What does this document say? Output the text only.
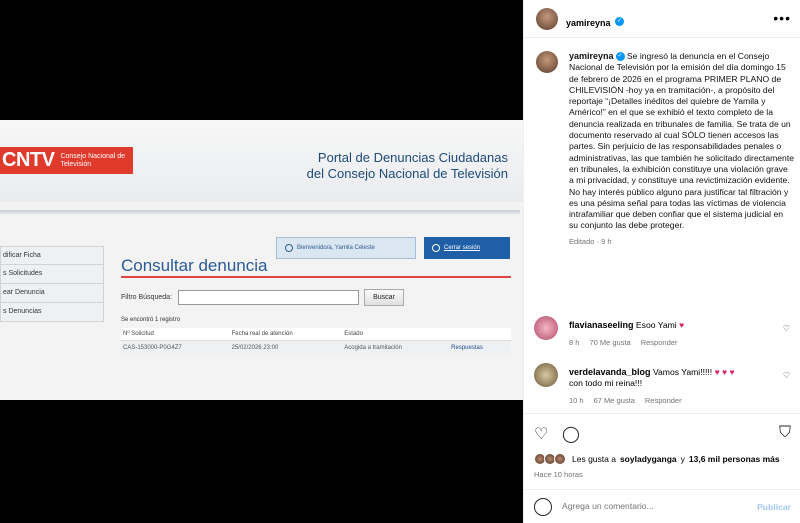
CNTV Consejo Nacional de Televisión	Portal de Denuncias Ciudadanas
del Consejo Nacional de Televisión
dificar Ficha
s Solicitudes
ear Denuncia
s Denuncias
Bienvenido/a, Yamila Celeste	Cerrar sesión
Consultar denuncia
Filtro Búsqueda:	Buscar
Se encontró 1 registro
Nº Solicitud	Fecha real de atención	Estado	
CAS-153000-P0G4Z7	25/02/2026 23:00	Acogida a tramitación	Respuestas
yamireyna ✓	•••
yamireyna ✓ Se ingresó la denuncia en el Consejo Nacional de Televisión por la emisión del día domingo 15 de febrero de 2026 en el programa PRIMER PLANO de CHILEVISIÓN -hoy ya en tramitación-, a propósito del reportaje “¡Detalles inéditos del quiebre de Yamila y Américo!” en el que se exhibió el texto completo de la denuncia realizada en tribunales de familia. Se trata de un documento reservado al cual SÓLO tienen accesos las partes. Sin perjuicio de las responsabilidades penales o administrativas, las que también he solicitado directamente en tribunales, la exhibición constituye una violación grave a mi privacidad, y constituye una revictimización evidente. No hay interés público alguno para justificar tal filtración y es una pésima señal para todas las víctimas de violencia intrafamiliar que deben confiar que el sistema judicial en su conjunto las debe proteger.
Editado · 9 h
flavianaseeling Esoo Yami ♥
8 h 70 Me gusta Responder
♡
verdelavanda_blog Vamos Yami!!!!! ♥ ♥ ♥
con todo mi reina!!!
10 h 67 Me gusta Responder
♡
♡ ◯	⛉
Les gusta a soyladyganga y 13,6 mil personas más
Hace 10 horas
Agrega un comentario...
Publicar
